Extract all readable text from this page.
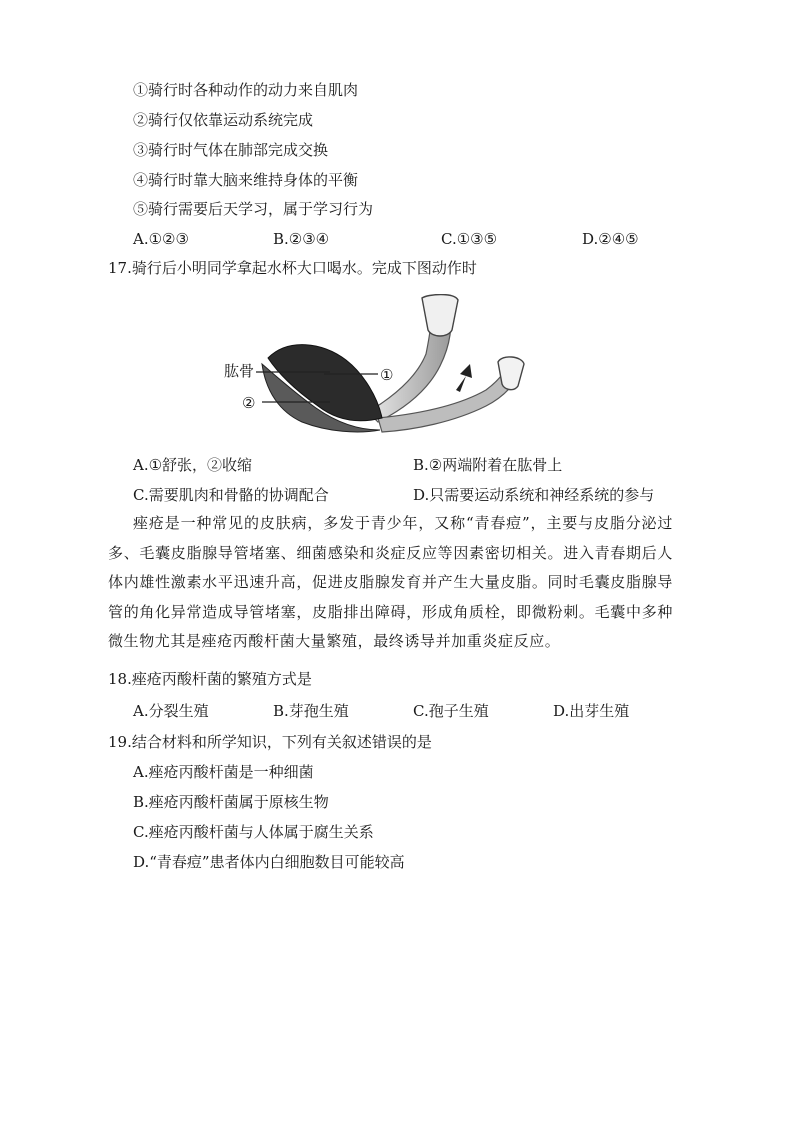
①骑行时各种动作的动力来自肌肉
②骑行仅依靠运动系统完成
③骑行时气体在肺部完成交换
④骑行时靠大脑来维持身体的平衡
⑤骑行需要后天学习，属于学习行为
A.①②③	B.②③④	C.①③⑤	D.②④⑤
17.骑行后小明同学拿起水杯大口喝水。完成下图动作时
肱骨	①
②
A.①舒张，②收缩	B.②两端附着在肱骨上
C.需要肌肉和骨骼的协调配合	D.只需要运动系统和神经系统的参与
痤疮是一种常见的皮肤病，多发于青少年，又称“青春痘”，主要与皮脂分泌过多、毛囊皮脂腺导管堵塞、细菌感染和炎症反应等因素密切相关。进入青春期后人体内雄性激素水平迅速升高，促进皮脂腺发育并产生大量皮脂。同时毛囊皮脂腺导管的角化异常造成导管堵塞，皮脂排出障碍，形成角质栓，即微粉刺。毛囊中多种微生物尤其是痤疮丙酸杆菌大量繁殖，最终诱导并加重炎症反应。
18.痤疮丙酸杆菌的繁殖方式是
A.分裂生殖	B.芽孢生殖	C.孢子生殖	D.出芽生殖
19.结合材料和所学知识，下列有关叙述错误的是
A.痤疮丙酸杆菌是一种细菌
B.痤疮丙酸杆菌属于原核生物
C.痤疮丙酸杆菌与人体属于腐生关系
D.“青春痘”患者体内白细胞数目可能较高
